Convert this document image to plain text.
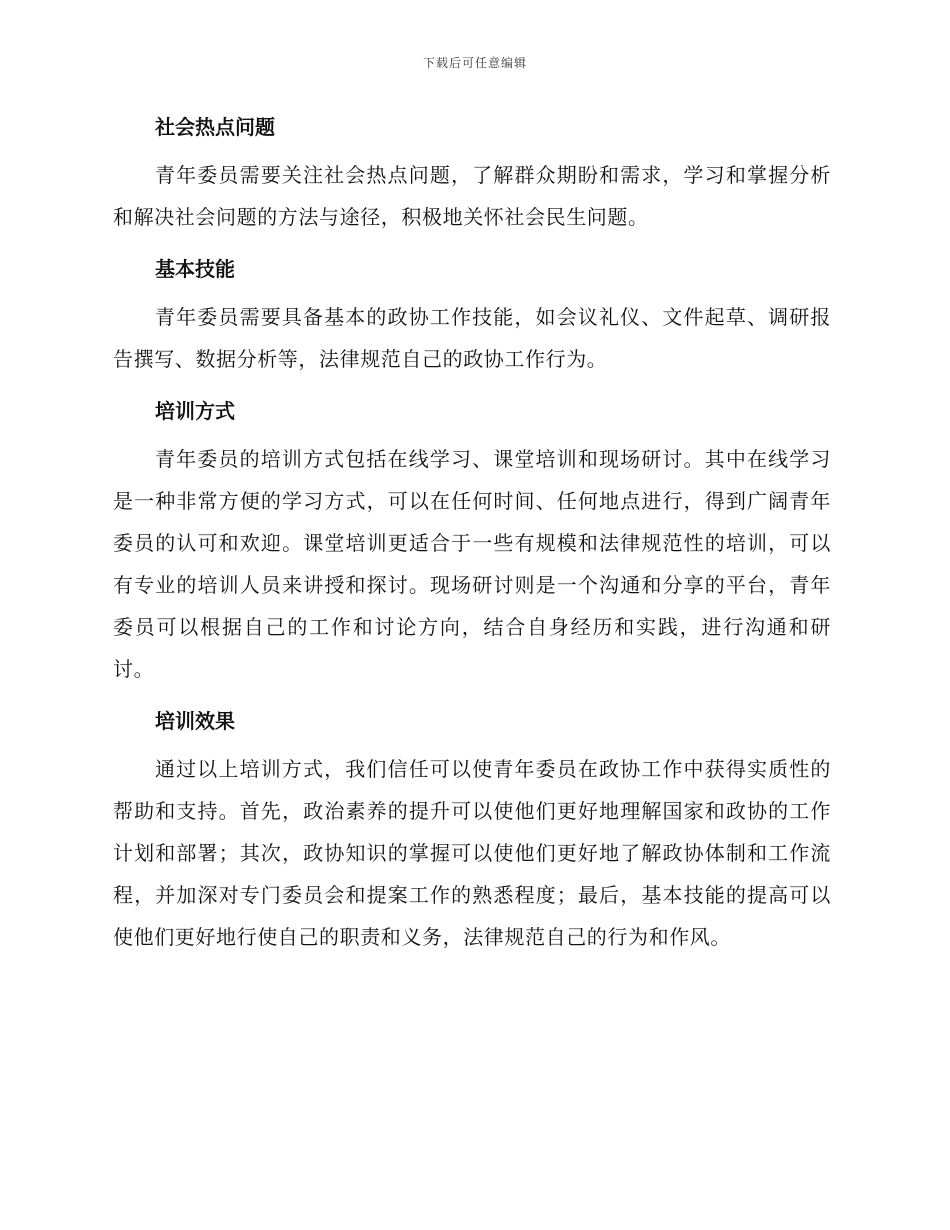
下载后可任意编辑
社会热点问题

青年委员需要关注社会热点问题，了解群众期盼和需求，学习和掌握分析和解决社会问题的方法与途径，积极地关怀社会民生问题。

基本技能

青年委员需要具备基本的政协工作技能，如会议礼仪、文件起草、调研报告撰写、数据分析等，法律规范自己的政协工作行为。

培训方式

青年委员的培训方式包括在线学习、课堂培训和现场研讨。其中在线学习是一种非常方便的学习方式，可以在任何时间、任何地点进行，得到广阔青年委员的认可和欢迎。课堂培训更适合于一些有规模和法律规范性的培训，可以有专业的培训人员来讲授和探讨。现场研讨则是一个沟通和分享的平台，青年委员可以根据自己的工作和讨论方向，结合自身经历和实践，进行沟通和研讨。

培训效果

通过以上培训方式，我们信任可以使青年委员在政协工作中获得实质性的帮助和支持。首先，政治素养的提升可以使他们更好地理解国家和政协的工作计划和部署；其次，政协知识的掌握可以使他们更好地了解政协体制和工作流程，并加深对专门委员会和提案工作的熟悉程度；最后，基本技能的提高可以使他们更好地行使自己的职责和义务，法律规范自己的行为和作风。
